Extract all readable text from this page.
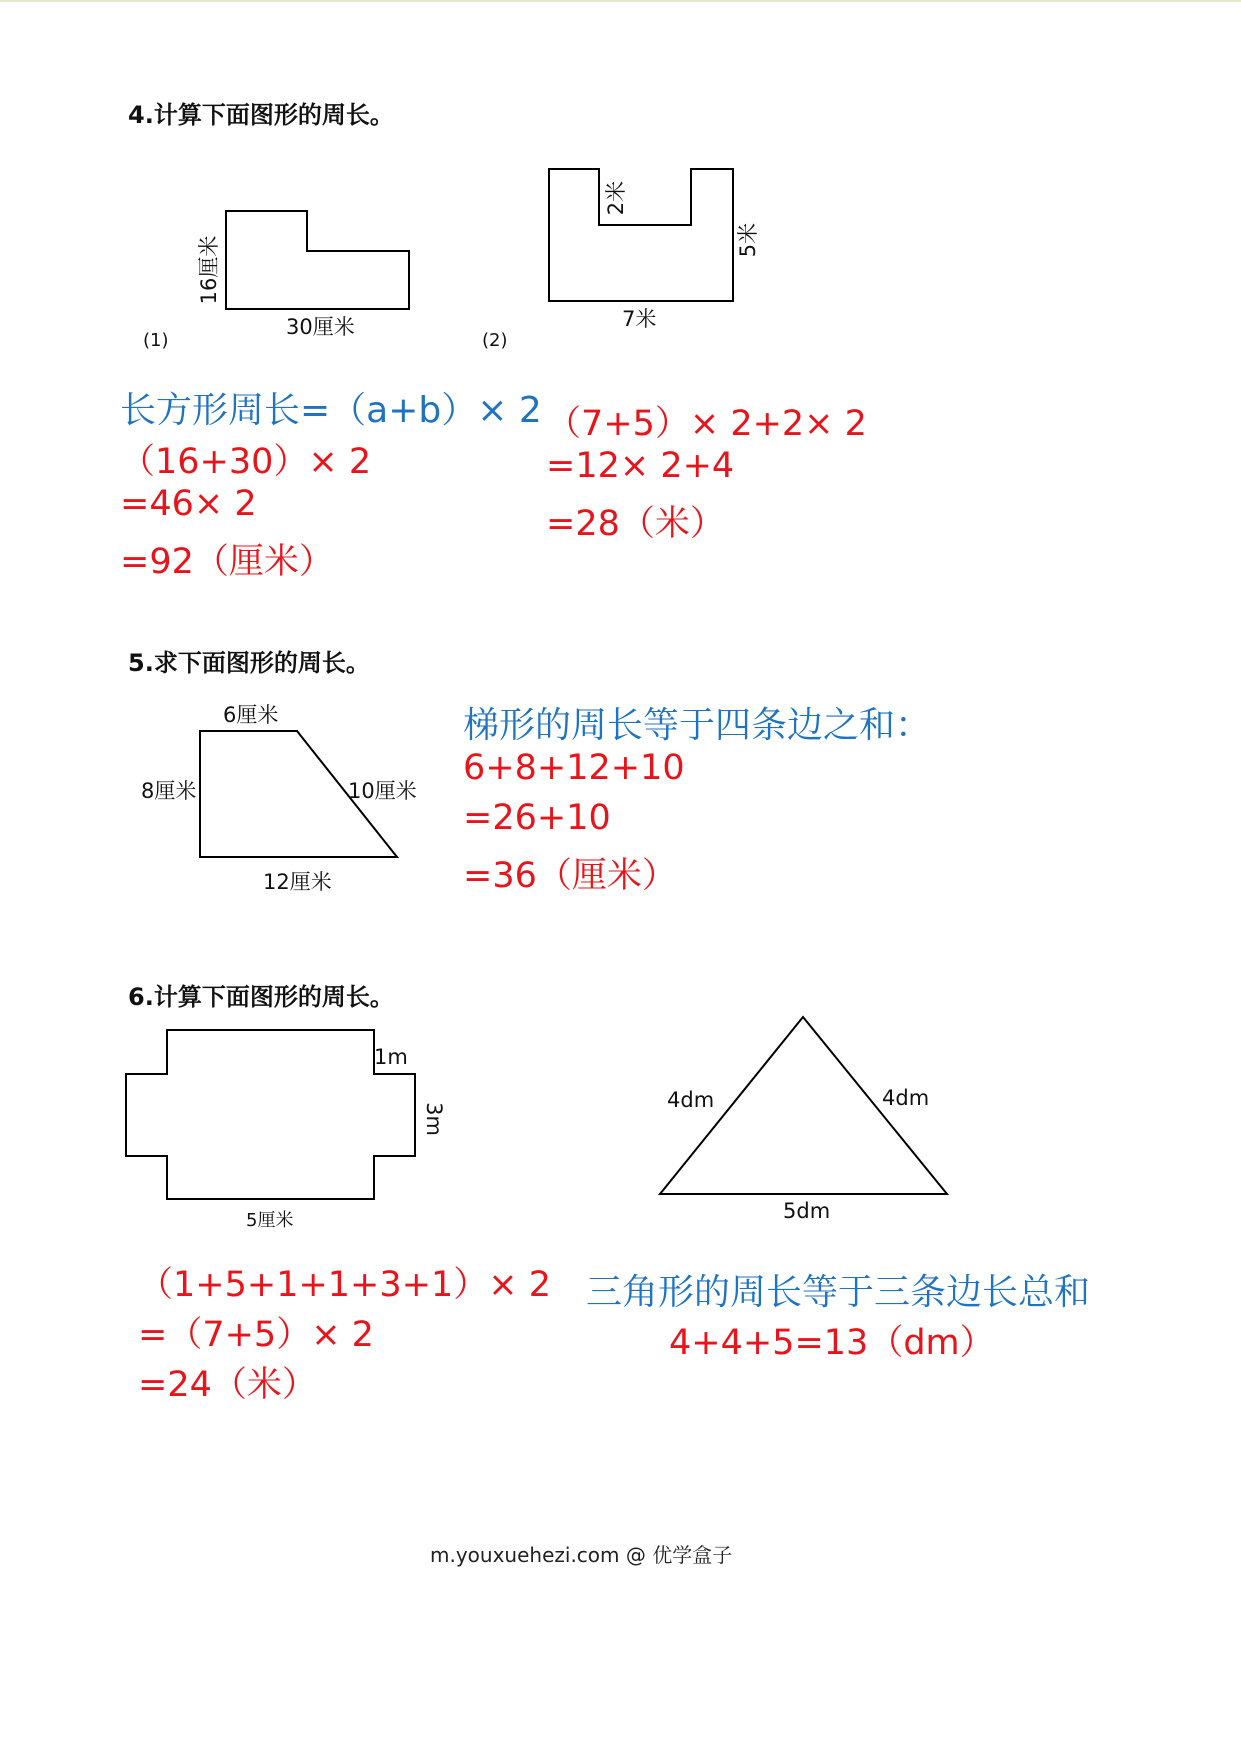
4.计算下面图形的周长。
16厘米
30厘米
(1)
2米
5米
7米
(2)
长方形周长=（a+b）× 2
（16+30）× 2
=46× 2
=92（厘米）
（7+5）× 2+2× 2
=12× 2+4
=28（米）
5.求下面图形的周长。
6厘米
8厘米	10厘米
12厘米
梯形的周长等于四条边之和：
6+8+12+10
=26+10
=36（厘米）
6.计算下面图形的周长。
1m
3m
5厘米
4dm	4dm
5dm
（1+5+1+1+3+1）× 2
=（7+5）× 2
=24（米）
三角形的周长等于三条边长总和
4+4+5=13（dm）
m.youxuehezi.com @ 优学盒子
